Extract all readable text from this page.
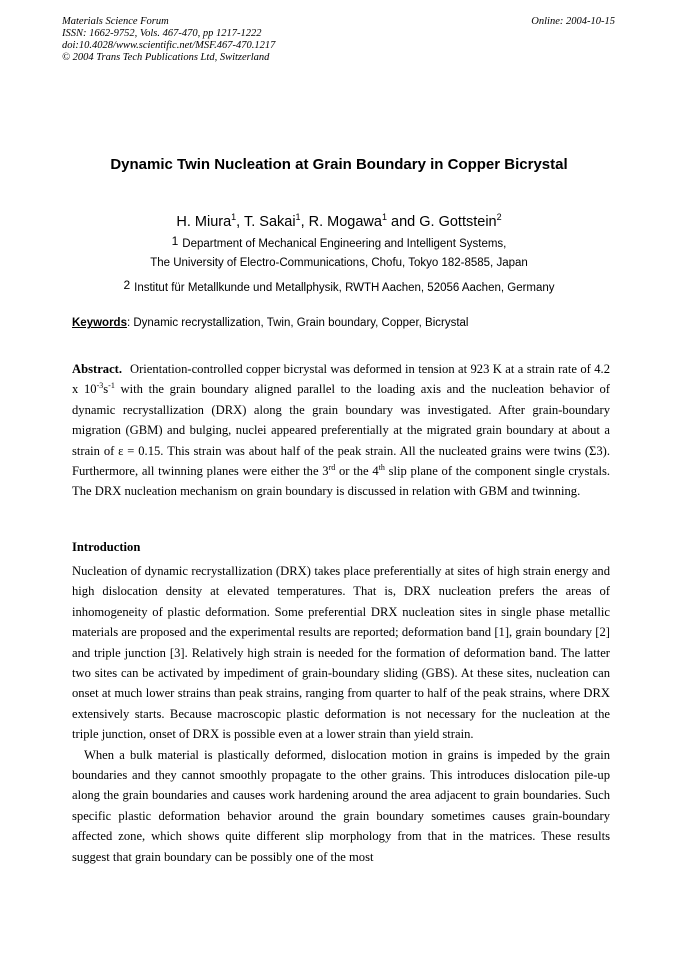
Materials Science Forum
ISSN: 1662-9752, Vols. 467-470, pp 1217-1222
doi:10.4028/www.scientific.net/MSF.467-470.1217
© 2004 Trans Tech Publications Ltd, Switzerland
Online: 2004-10-15
Dynamic Twin Nucleation at Grain Boundary in Copper Bicrystal
H. Miura$^1$, T. Sakai$^1$, R. Mogawa$^1$ and G. Gottstein$^2$
$^1$ Department of Mechanical Engineering and Intelligent Systems,
The University of Electro-Communications, Chofu, Tokyo 182-8585, Japan
$^2$ Institut für Metallkunde und Metallphysik, RWTH Aachen, 52056 Aachen, Germany
Keywords: Dynamic recrystallization, Twin, Grain boundary, Copper, Bicrystal

Abstract. Orientation-controlled copper bicrystal was deformed in tension at 923 K at a strain rate of 4.2 x $10^{-3}s^{-1}$ with the grain boundary aligned parallel to the loading axis and the nucleation behavior of dynamic recrystallization (DRX) along the grain boundary was investigated. After grain-boundary migration (GBM) and bulging, nuclei appeared preferentially at the migrated grain boundary at about a strain of ε = 0.15. This strain was about half of the peak strain. All the nucleated grains were twins (Σ3). Furthermore, all twinning planes were either the 3rd or the 4th slip plane of the component single crystals. The DRX nucleation mechanism on grain boundary is discussed in relation with GBM and twinning.

Introduction

Nucleation of dynamic recrystallization (DRX) takes place preferentially at sites of high strain energy and high dislocation density at elevated temperatures. That is, DRX nucleation prefers the areas of inhomogeneity of plastic deformation. Some preferential DRX nucleation sites in single phase metallic materials are proposed and the experimental results are reported; deformation band [1], grain boundary [2] and triple junction [3]. Relatively high strain is needed for the formation of deformation band. The latter two sites can be activated by impediment of grain-boundary sliding (GBS). At these sites, nucleation can onset at much lower strains than peak strains, ranging from quarter to half of the peak strains, where DRX extensively starts. Because macroscopic plastic deformation is not necessary for the nucleation at the triple junction, onset of DRX is possible even at a lower strain than yield strain.

When a bulk material is plastically deformed, dislocation motion in grains is impeded by the grain boundaries and they cannot smoothly propagate to the other grains. This introduces dislocation pile-up along the grain boundaries and causes work hardening around the area adjacent to grain boundaries. Such specific plastic deformation behavior around the grain boundary sometimes causes grain-boundary affected zone, which shows quite different slip morphology from that in the matrices. These results suggest that grain boundary can be possibly one of the most
